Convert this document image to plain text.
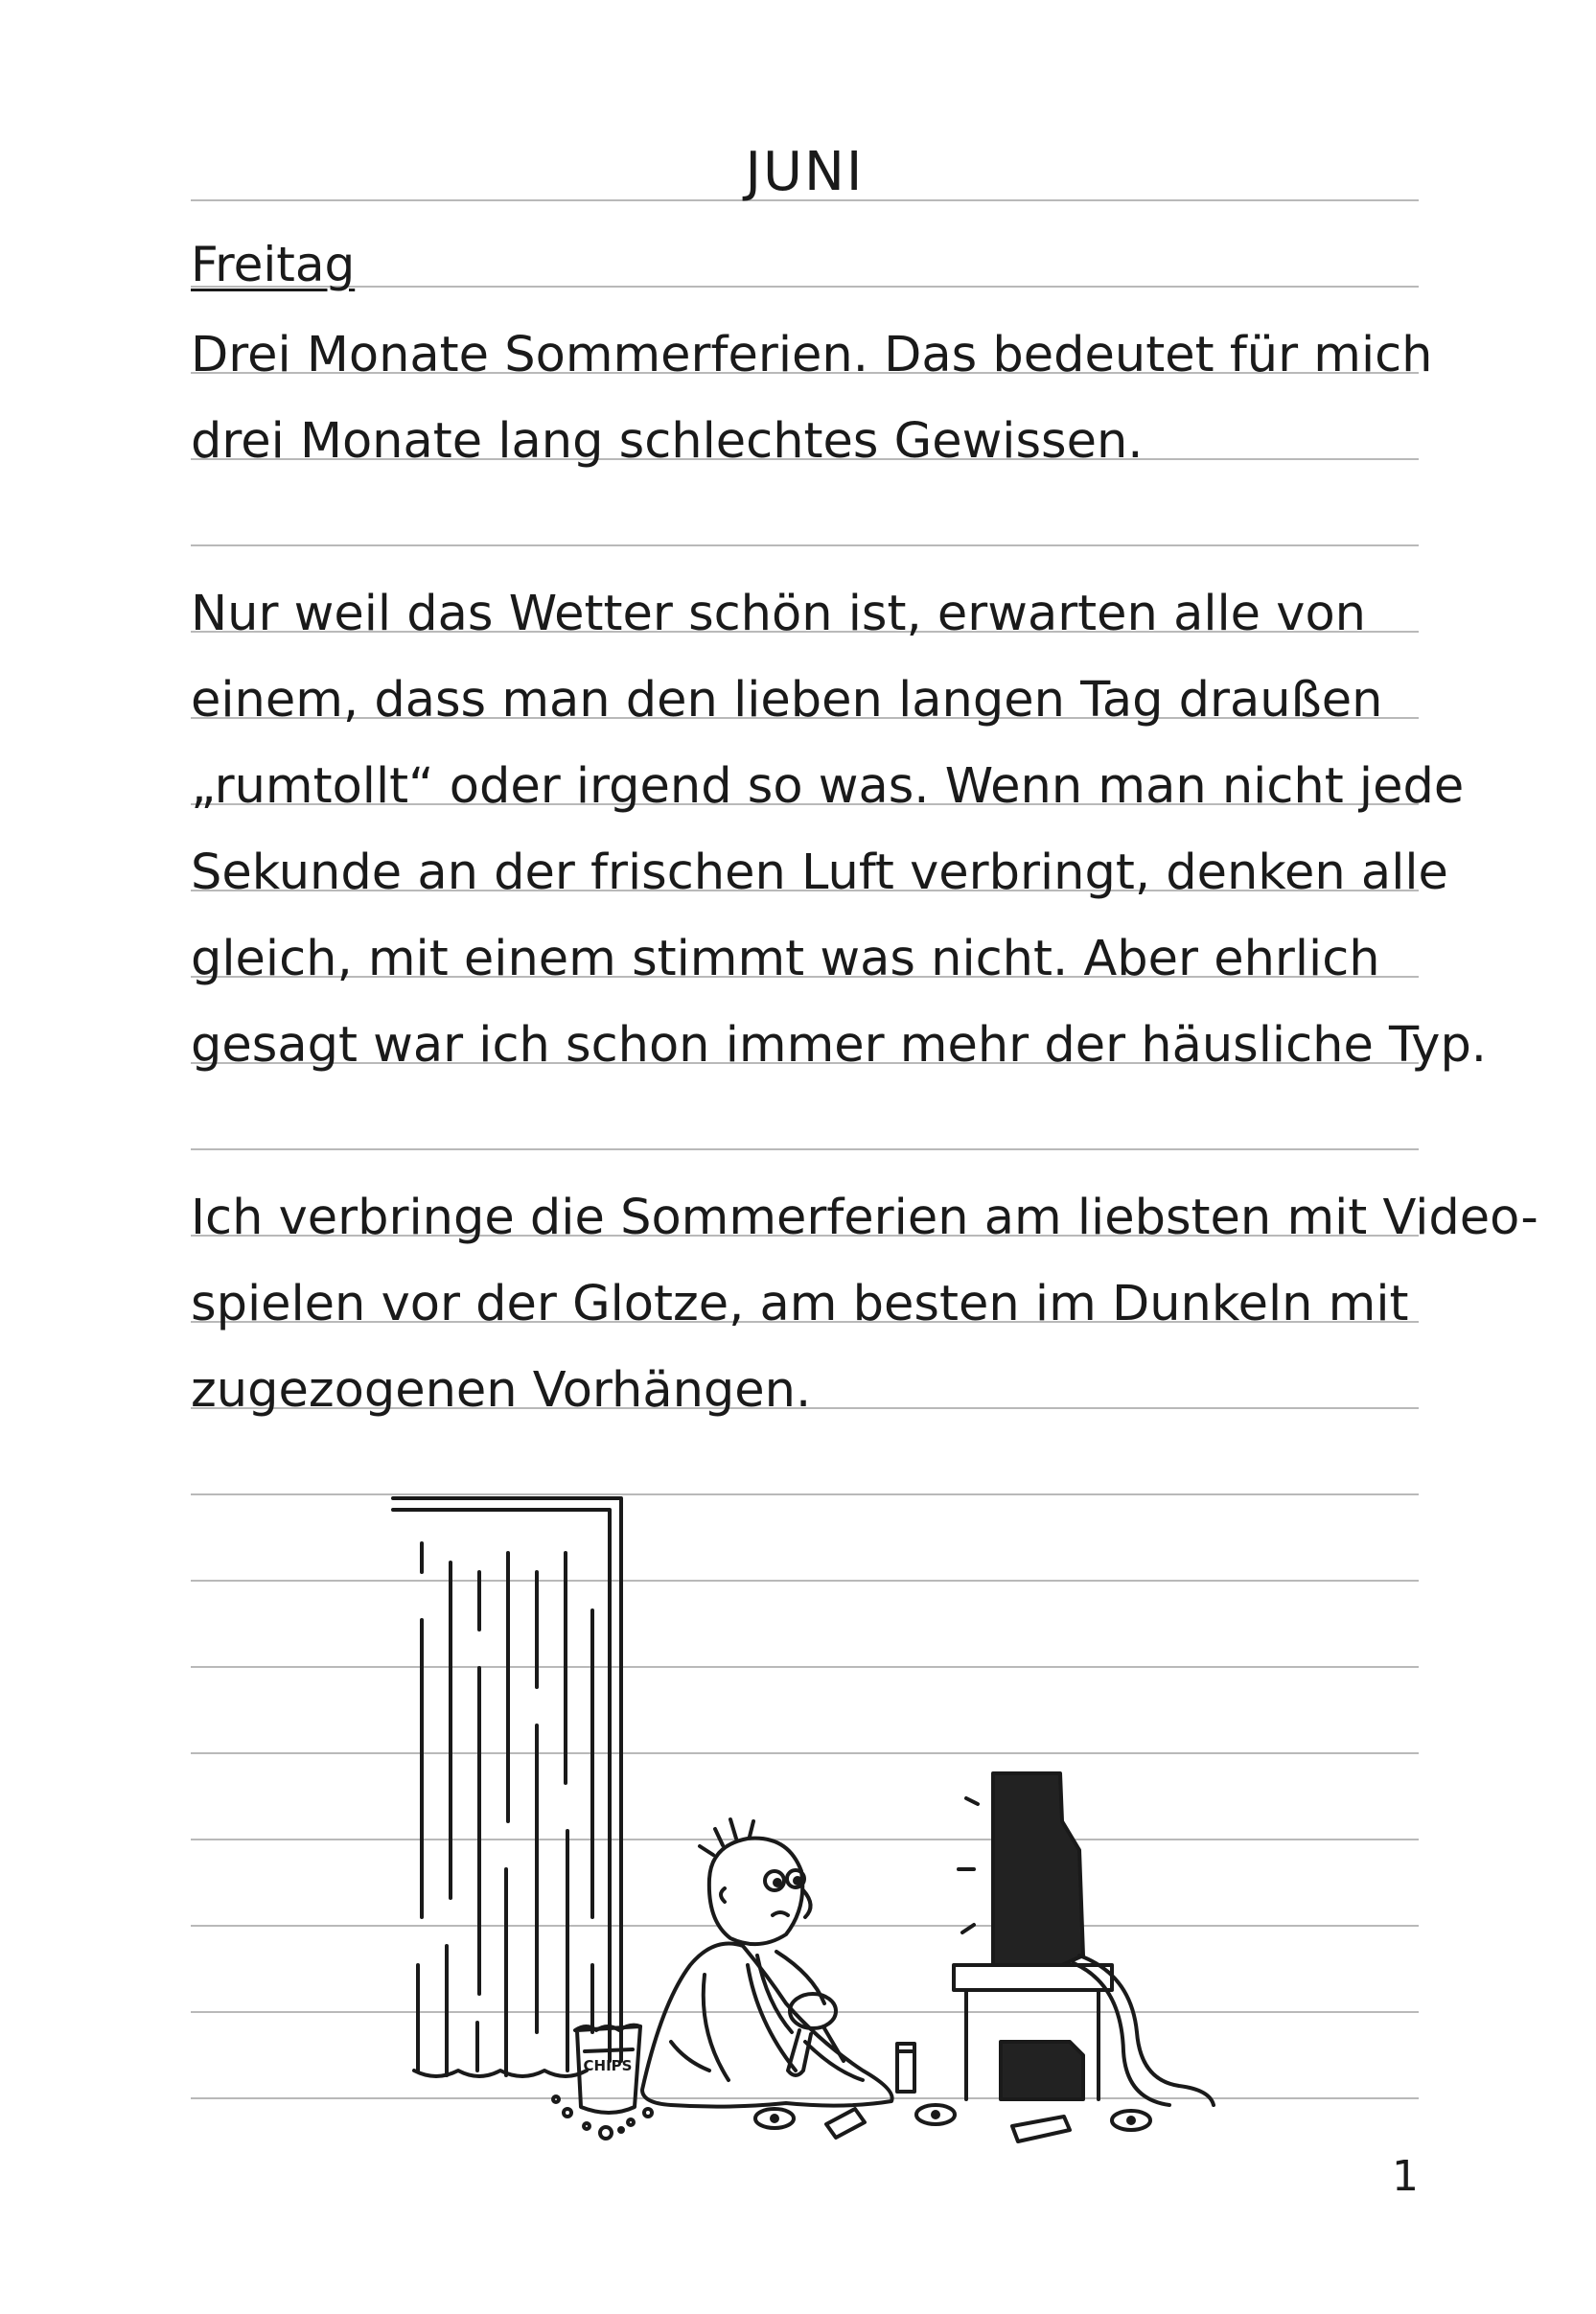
JUNI
Freitag
Drei Monate Sommerferien. Das bedeutet für mich
drei Monate lang schlechtes Gewissen.
Nur weil das Wetter schön ist, erwarten alle von
einem, dass man den lieben langen Tag draußen
„rumtollt“ oder irgend so was. Wenn man nicht jede
Sekunde an der frischen Luft verbringt, denken alle
gleich, mit einem stimmt was nicht. Aber ehrlich
gesagt war ich schon immer mehr der häusliche Typ.
Ich verbringe die Sommerferien am liebsten mit Video-
spielen vor der Glotze, am besten im Dunkeln mit
zugezogenen Vorhängen.
CHIPS
1
